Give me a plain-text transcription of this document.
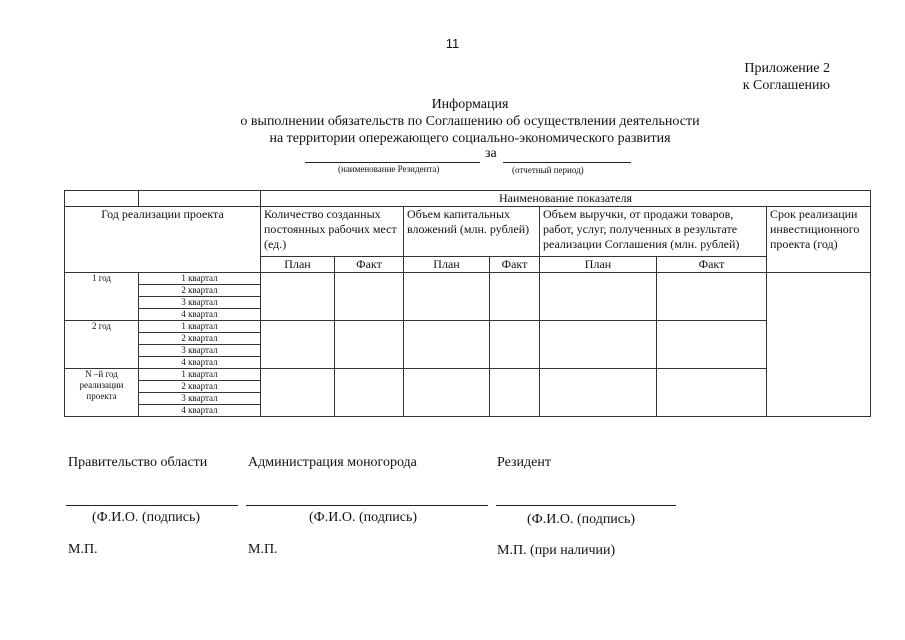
11
Приложение 2
к Соглашению
Информация
о выполнении обязательств по Соглашению об осуществлении деятельности
на территории опережающего социально-экономического развития
за
(наименование Резидента)	(отчетный период)
		Наименование показателя						
Год реализации проекта		Количество созданных постоянных рабочих мест (ед.)		Объем капитальных вложений (млн. рублей)		Объем выручки, от продажи товаров, работ, услуг, полученных в результате реализации Соглашения (млн. рублей)		Срок реализации инвестиционного проекта (год)
		План	Факт	План	Факт	План	Факт	
1 год	1 квартал							
	2 квартал							
	3 квартал							
	4 квартал							
2 год	1 квартал							
	2 квартал							
	3 квартал							
	4 квартал							
N –й год реализации проекта	1 квартал							
	2 квартал							
	3 квартал							
	4 квартал							
Правительство области	Администрация моногорода	Резидент
(Ф.И.О. (подпись)	(Ф.И.О. (подпись)	(Ф.И.О. (подпись)
М.П.	М.П.	М.П. (при наличии)
